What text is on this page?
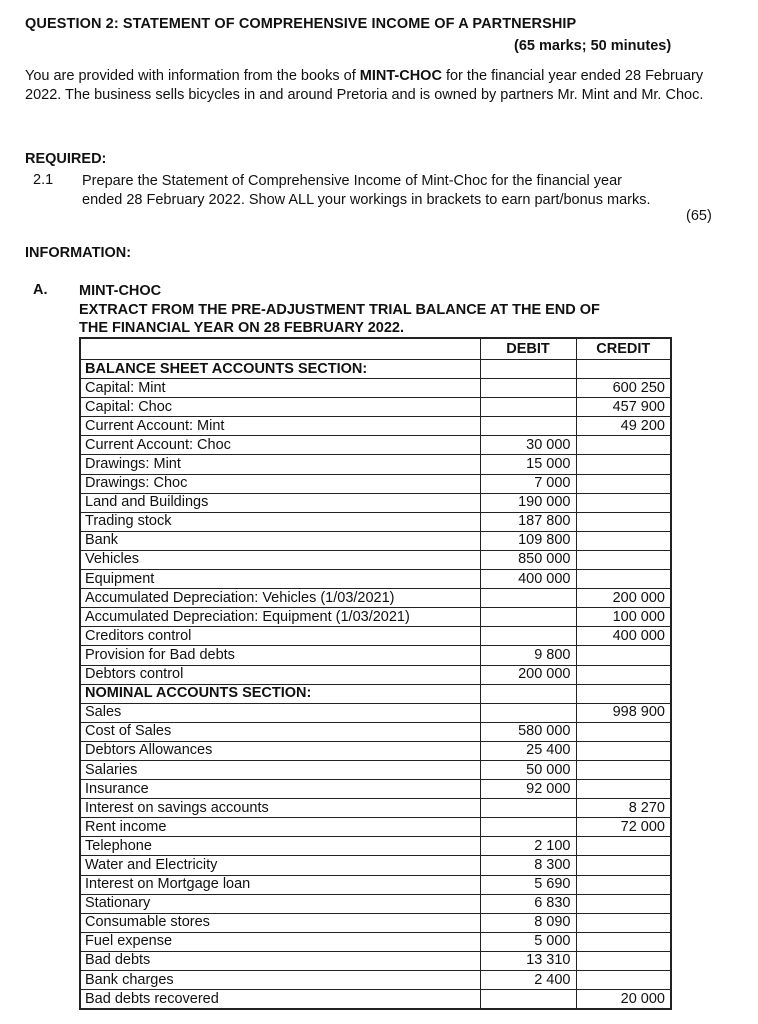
QUESTION 2: STATEMENT OF COMPREHENSIVE INCOME OF A PARTNERSHIP
(65 marks; 50 minutes)
You are provided with information from the books of MINT-CHOC for the financial year ended 28 February 2022. The business sells bicycles in and around Pretoria and is owned by partners Mr. Mint and Mr. Choc.
REQUIRED:
2.1 Prepare the Statement of Comprehensive Income of Mint-Choc for the financial year ended 28 February 2022. Show ALL your workings in brackets to earn part/bonus marks.
(65)
INFORMATION:
A. MINT-CHOC
EXTRACT FROM THE PRE-ADJUSTMENT TRIAL BALANCE AT THE END OF
THE FINANCIAL YEAR ON 28 FEBRUARY 2022.
	DEBIT	CREDIT
BALANCE SHEET ACCOUNTS SECTION:		
Capital: Mint		600 250
Capital: Choc		457 900
Current Account: Mint		49 200
Current Account: Choc	30 000	
Drawings: Mint	15 000	
Drawings: Choc	7 000	
Land and Buildings	190 000	
Trading stock	187 800	
Bank	109 800	
Vehicles	850 000	
Equipment	400 000	
Accumulated Depreciation: Vehicles (1/03/2021)		200 000
Accumulated Depreciation: Equipment (1/03/2021)		100 000
Creditors control		400 000
Provision for Bad debts	9 800	
Debtors control	200 000	
NOMINAL ACCOUNTS SECTION:		
Sales		998 900
Cost of Sales	580 000	
Debtors Allowances	25 400	
Salaries	50 000	
Insurance	92 000	
Interest on savings accounts		8 270
Rent income		72 000
Telephone	2 100	
Water and Electricity	8 300	
Interest on Mortgage loan	5 690	
Stationary	6 830	
Consumable stores	8 090	
Fuel expense	5 000	
Bad debts	13 310	
Bank charges	2 400	
Bad debts recovered		20 000
